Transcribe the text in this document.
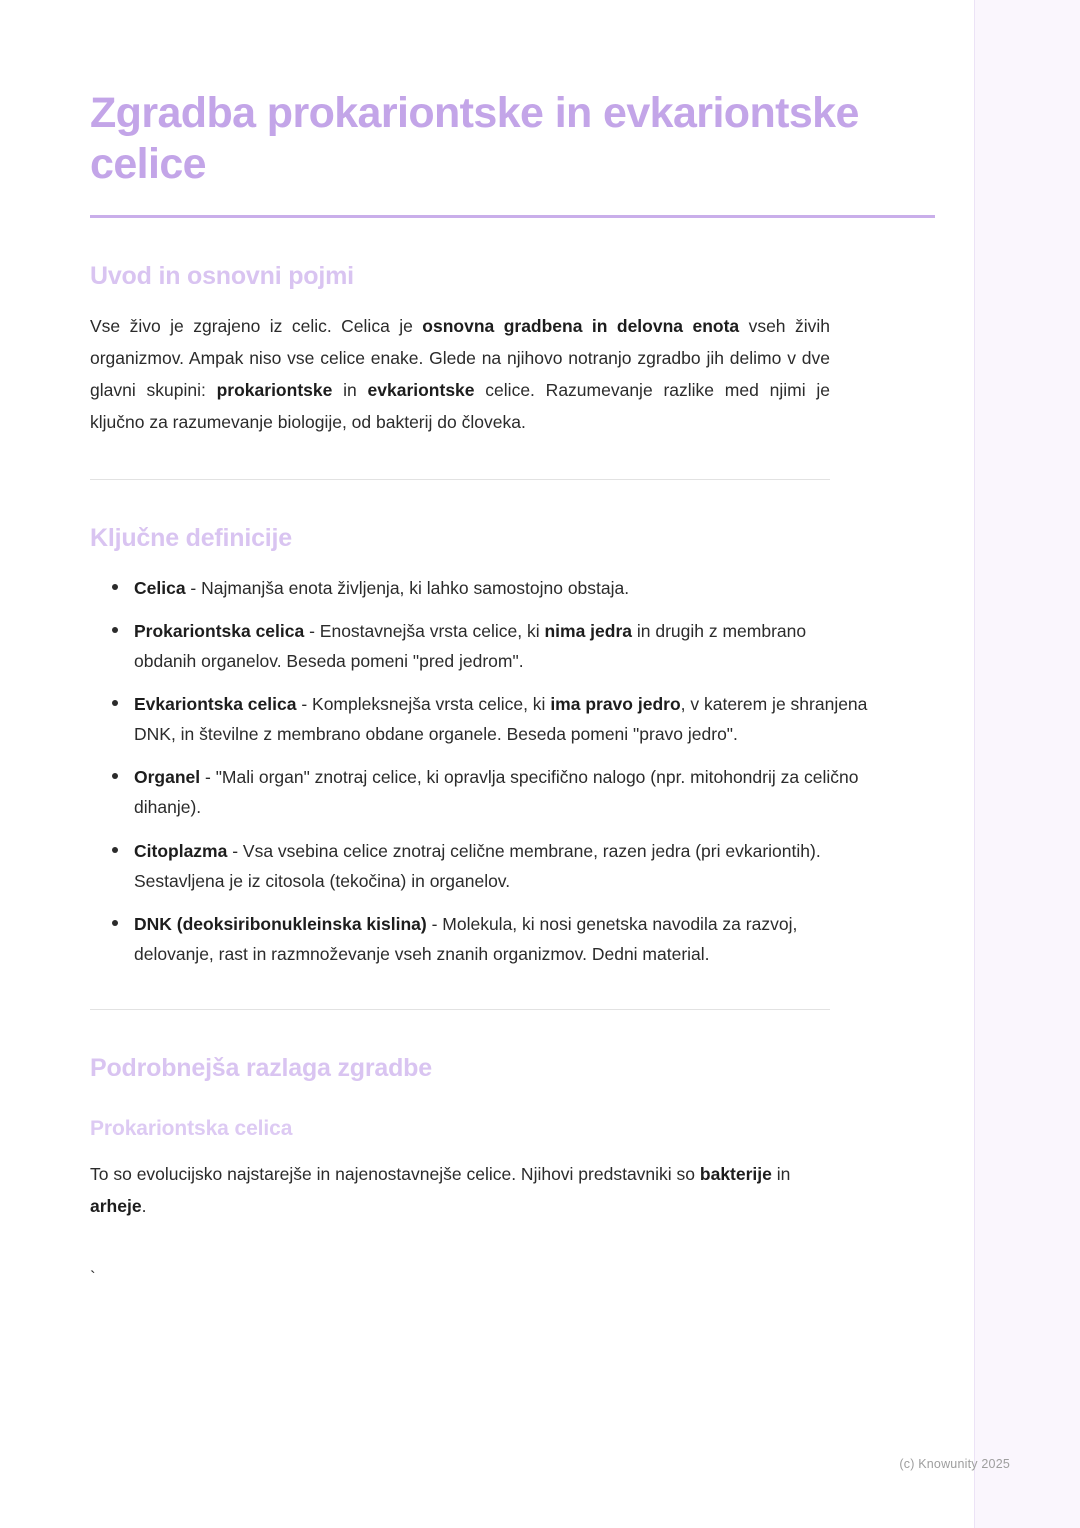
Zgradba prokariontske in evkariontske celice
Uvod in osnovni pojmi

Vse živo je zgrajeno iz celic. Celica je osnovna gradbena in delovna enota vseh živih organizmov. Ampak niso vse celice enake. Glede na njihovo notranjo zgradbo jih delimo v dve glavni skupini: prokariontske in evkariontske celice. Razumevanje razlike med njimi je ključno za razumevanje biologije, od bakterij do človeka.

Ključne definicije
Celica - Najmanjša enota življenja, ki lahko samostojno obstaja.
Prokariontska celica - Enostavnejša vrsta celice, ki nima jedra in drugih z membrano obdanih organelov. Beseda pomeni "pred jedrom".
Evkariontska celica - Kompleksnejša vrsta celice, ki ima pravo jedro, v katerem je shranjena DNK, in številne z membrano obdane organele. Beseda pomeni "pravo jedro".
Organel - "Mali organ" znotraj celice, ki opravlja specifično nalogo (npr. mitohondrij za celično dihanje).
Citoplazma - Vsa vsebina celice znotraj celične membrane, razen jedra (pri evkariontih). Sestavljena je iz citosola (tekočina) in organelov.
DNK (deoksiribonukleinska kislina) - Molekula, ki nosi genetska navodila za razvoj, delovanje, rast in razmnoževanje vseh znanih organizmov. Dedni material.
Podrobnejša razlaga zgradbe
Prokariontska celica

To so evolucijsko najstarejše in najenostavnejše celice. Njihovi predstavniki so bakterije in arheje.

`
(c) Knowunity 2025
